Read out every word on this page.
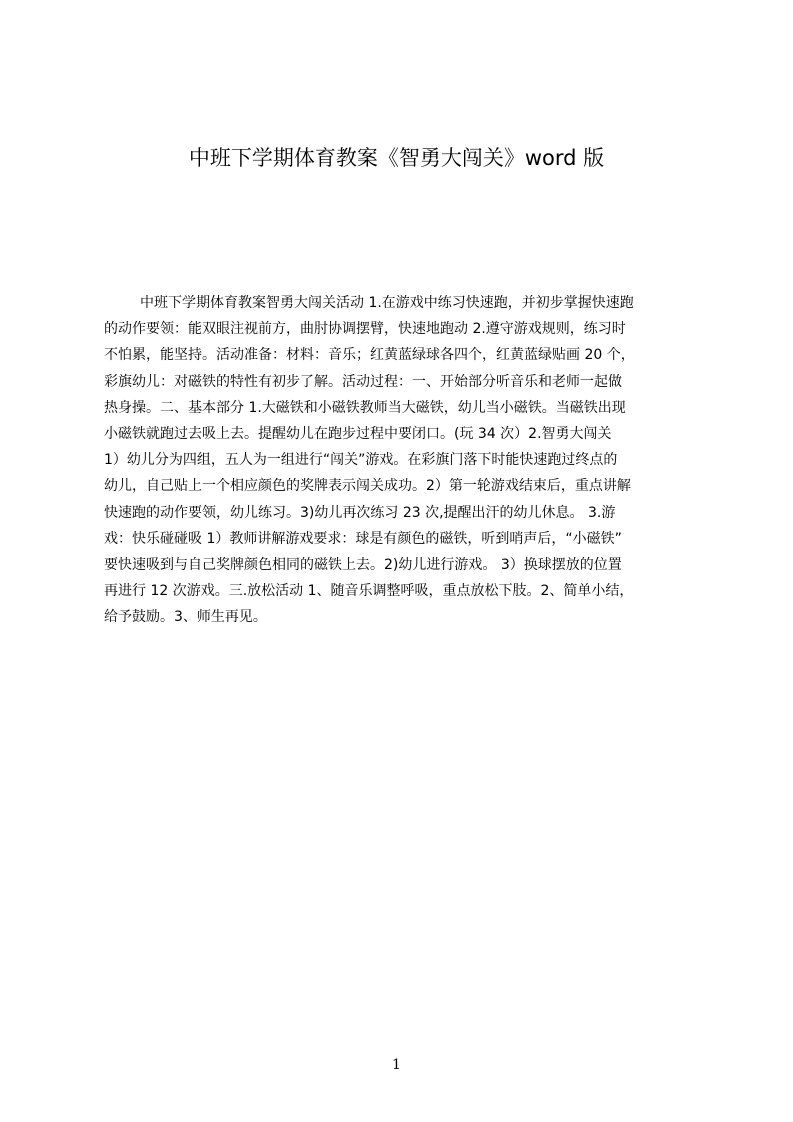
中班下学期体育教案《智勇大闯关》word 版
中班下学期体育教案智勇大闯关活动 1.在游戏中练习快速跑，并初步掌握快速跑
的动作要领：能双眼注视前方，曲肘协调摆臂，快速地跑动 2.遵守游戏规则，练习时
不怕累，能坚持。活动准备：材料：音乐；红黄蓝绿球各四个，红黄蓝绿贴画 20 个，
彩旗幼儿：对磁铁的特性有初步了解。活动过程：一、开始部分听音乐和老师一起做
热身操。二、基本部分 1.大磁铁和小磁铁教师当大磁铁，幼儿当小磁铁。当磁铁出现
小磁铁就跑过去吸上去。提醒幼儿在跑步过程中要闭口。(玩 34 次）2.智勇大闯关
1）幼儿分为四组，五人为一组进行“闯关”游戏。在彩旗门落下时能快速跑过终点的
幼儿，自己贴上一个相应颜色的奖牌表示闯关成功。2）第一轮游戏结束后，重点讲解
快速跑的动作要领，幼儿练习。3)幼儿再次练习 23 次,提醒出汗的幼儿休息。 3.游
戏：快乐碰碰吸 1）教师讲解游戏要求：球是有颜色的磁铁，听到哨声后，“小磁铁”
要快速吸到与自己奖牌颜色相同的磁铁上去。2)幼儿进行游戏。 3）换球摆放的位置
再进行 12 次游戏。三.放松活动 1、随音乐调整呼吸，重点放松下肢。2、简单小结，
给予鼓励。3、师生再见。
1
